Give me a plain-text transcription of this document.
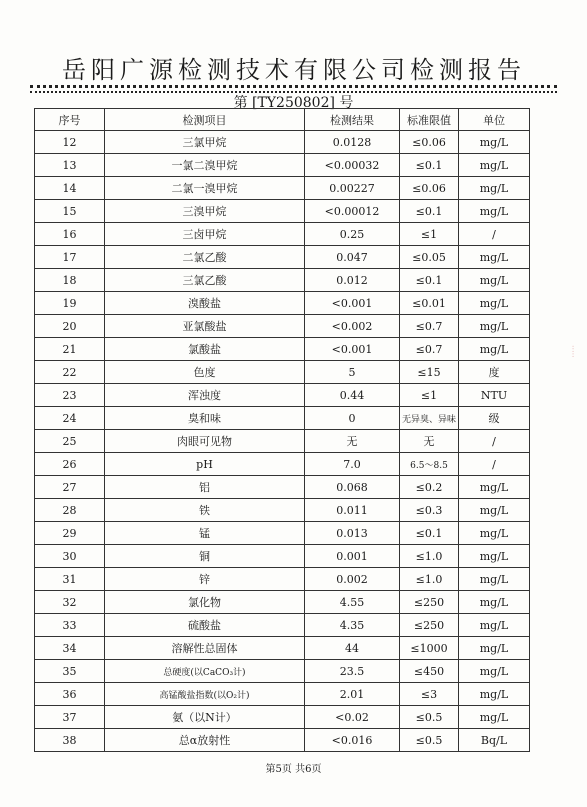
岳阳广源检测技术有限公司检测报告
第 [TY250802] 号
序号	检测项目	检测结果	标准限值	单位
12	三氯甲烷	0.0128	≤0.06	mg/L
13	一氯二溴甲烷	<0.00032	≤0.1	mg/L
14	二氯一溴甲烷	0.00227	≤0.06	mg/L
15	三溴甲烷	<0.00012	≤0.1	mg/L
16	三卤甲烷	0.25	≤1	/
17	二氯乙酸	0.047	≤0.05	mg/L
18	三氯乙酸	0.012	≤0.1	mg/L
19	溴酸盐	<0.001	≤0.01	mg/L
20	亚氯酸盐	<0.002	≤0.7	mg/L
21	氯酸盐	<0.001	≤0.7	mg/L
22	色度	5	≤15	度
23	浑浊度	0.44	≤1	NTU
24	臭和味	0	无异臭、异味	级
25	肉眼可见物	无	无	/
26	pH	7.0	6.5～8.5	/
27	铝	0.068	≤0.2	mg/L
28	铁	0.011	≤0.3	mg/L
29	锰	0.013	≤0.1	mg/L
30	铜	0.001	≤1.0	mg/L
31	锌	0.002	≤1.0	mg/L
32	氯化物	4.55	≤250	mg/L
33	硫酸盐	4.35	≤250	mg/L
34	溶解性总固体	44	≤1000	mg/L
35	总硬度(以CaCO₃计)	23.5	≤450	mg/L
36	高锰酸盐指数(以O₂计)	2.01	≤3	mg/L
37	氨（以N计）	<0.02	≤0.5	mg/L
38	总α放射性	<0.016	≤0.5	Bq/L
第5页 共6页
·····
